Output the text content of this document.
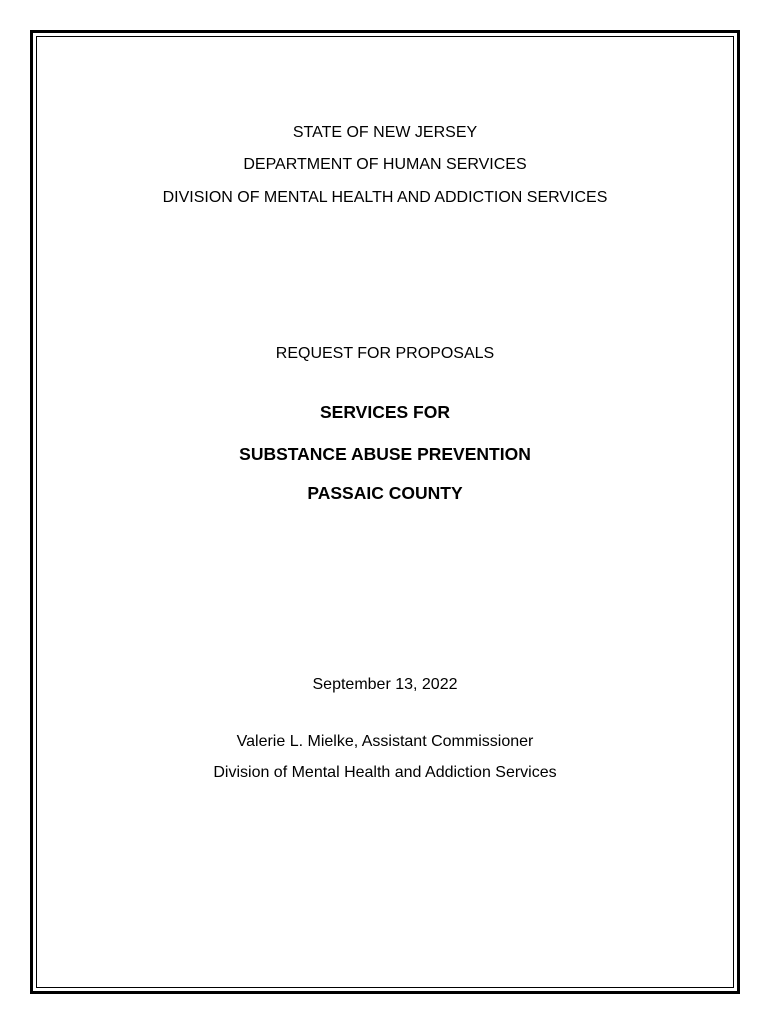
STATE OF NEW JERSEY
DEPARTMENT OF HUMAN SERVICES
DIVISION OF MENTAL HEALTH AND ADDICTION SERVICES
REQUEST FOR PROPOSALS
SERVICES FOR
SUBSTANCE ABUSE PREVENTION
PASSAIC COUNTY
September 13, 2022
Valerie L. Mielke, Assistant Commissioner
Division of Mental Health and Addiction Services
